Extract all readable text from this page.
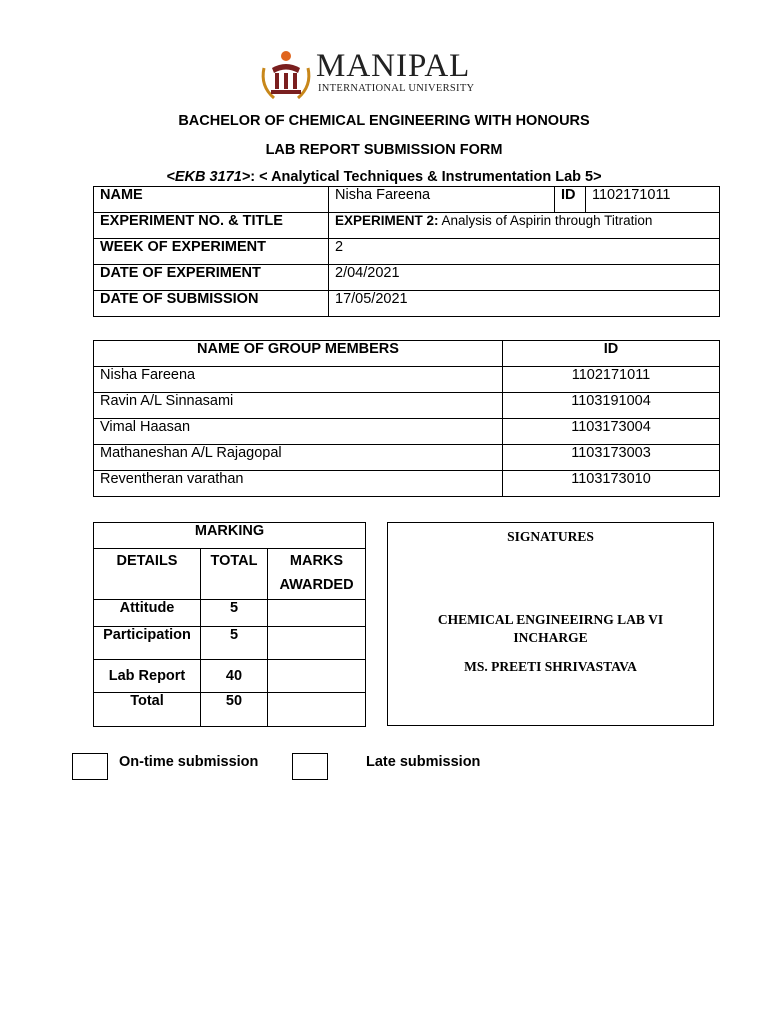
MANIPAL
INTERNATIONAL UNIVERSITY
BACHELOR OF CHEMICAL ENGINEERING WITH HONOURS
LAB REPORT SUBMISSION FORM
<EKB 3171>: < Analytical Techniques & Instrumentation Lab 5>
NAME	Nisha Fareena	ID	1102171011
EXPERIMENT NO. & TITLE	EXPERIMENT 2: Analysis of Aspirin through Titration		
WEEK OF EXPERIMENT	2		
DATE OF EXPERIMENT	2/04/2021		
DATE OF SUBMISSION	17/05/2021		
NAME OF GROUP MEMBERS	ID
Nisha Fareena	1102171011
Ravin A/L Sinnasami	1103191004
Vimal Haasan	1103173004
Mathaneshan A/L Rajagopal	1103173003
Reventheran varathan	1103173010
MARKING		
DETAILS	TOTAL	MARKS
AWARDED
Attitude	5	
Participation	5	
Lab Report	40	
Total	50	
SIGNATURES
CHEMICAL ENGINEEIRNG LAB VI
INCHARGE
MS. PREETI SHRIVASTAVA
On-time submission	Late submission
